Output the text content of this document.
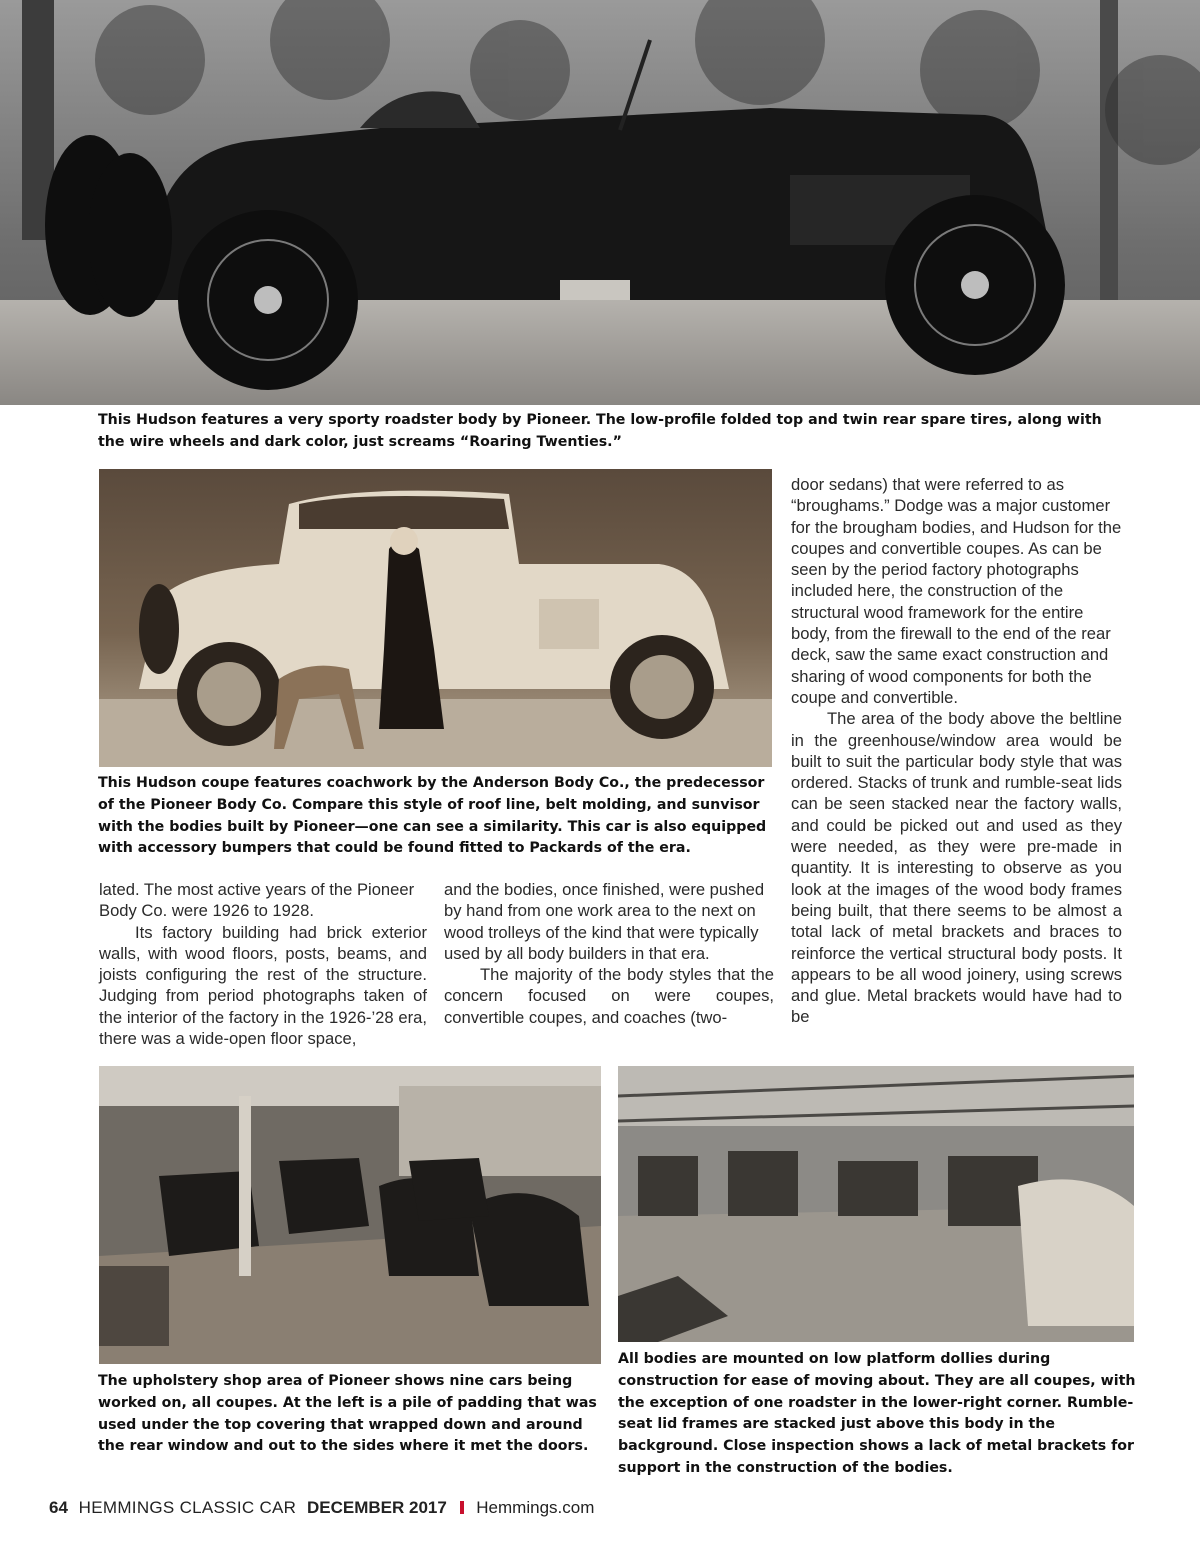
This Hudson features a very sporty roadster body by Pioneer. The low-profile folded top and twin rear spare tires, along with the wire wheels and dark color, just screams “Roaring Twenties.”

This Hudson coupe features coachwork by the Anderson Body Co., the predecessor of the Pioneer Body Co. Compare this style of roof line, belt molding, and sunvisor with the bodies built by Pioneer—one can see a similarity. This car is also equipped with accessory bumpers that could be found fitted to Packards of the era.

door sedans) that were referred to as “broughams.” Dodge was a major customer for the brougham bodies, and Hudson for the coupes and convertible coupes. As can be seen by the period factory photographs included here, the construction of the structural wood framework for the entire body, from the firewall to the end of the rear deck, saw the same exact construction and sharing of wood components for both the coupe and convertible.

The area of the body above the beltline in the greenhouse/window area would be built to suit the particular body style that was ordered. Stacks of trunk and rumble-seat lids can be seen stacked near the factory walls, and could be picked out and used as they were needed, as they were pre-made in quantity. It is interesting to observe as you look at the images of the wood body frames being built, that there seems to be almost a total lack of metal brackets and braces to reinforce the vertical structural body posts. It appears to be all wood joinery, using screws and glue. Metal brackets would have had to be

lated. The most active years of the Pioneer Body Co. were 1926 to 1928.

Its factory building had brick exterior walls, with wood floors, posts, beams, and joists configuring the rest of the structure. Judging from period photographs taken of the interior of the factory in the 1926-’28 era, there was a wide-open floor space,

and the bodies, once finished, were pushed by hand from one work area to the next on wood trolleys of the kind that were typically used by all body builders in that era.

The majority of the body styles that the concern focused on were coupes, convertible coupes, and coaches (two-

The upholstery shop area of Pioneer shows nine cars being worked on, all coupes. At the left is a pile of padding that was used under the top covering that wrapped down and around the rear window and out to the sides where it met the doors.

All bodies are mounted on low platform dollies during construction for ease of moving about. They are all coupes, with the exception of one roadster in the lower-right corner. Rumble-seat lid frames are stacked just above this body in the background. Close inspection shows a lack of metal brackets for support in the construction of the bodies.

64 HEMMINGS CLASSIC CAR DECEMBER 2017 Hemmings.com
